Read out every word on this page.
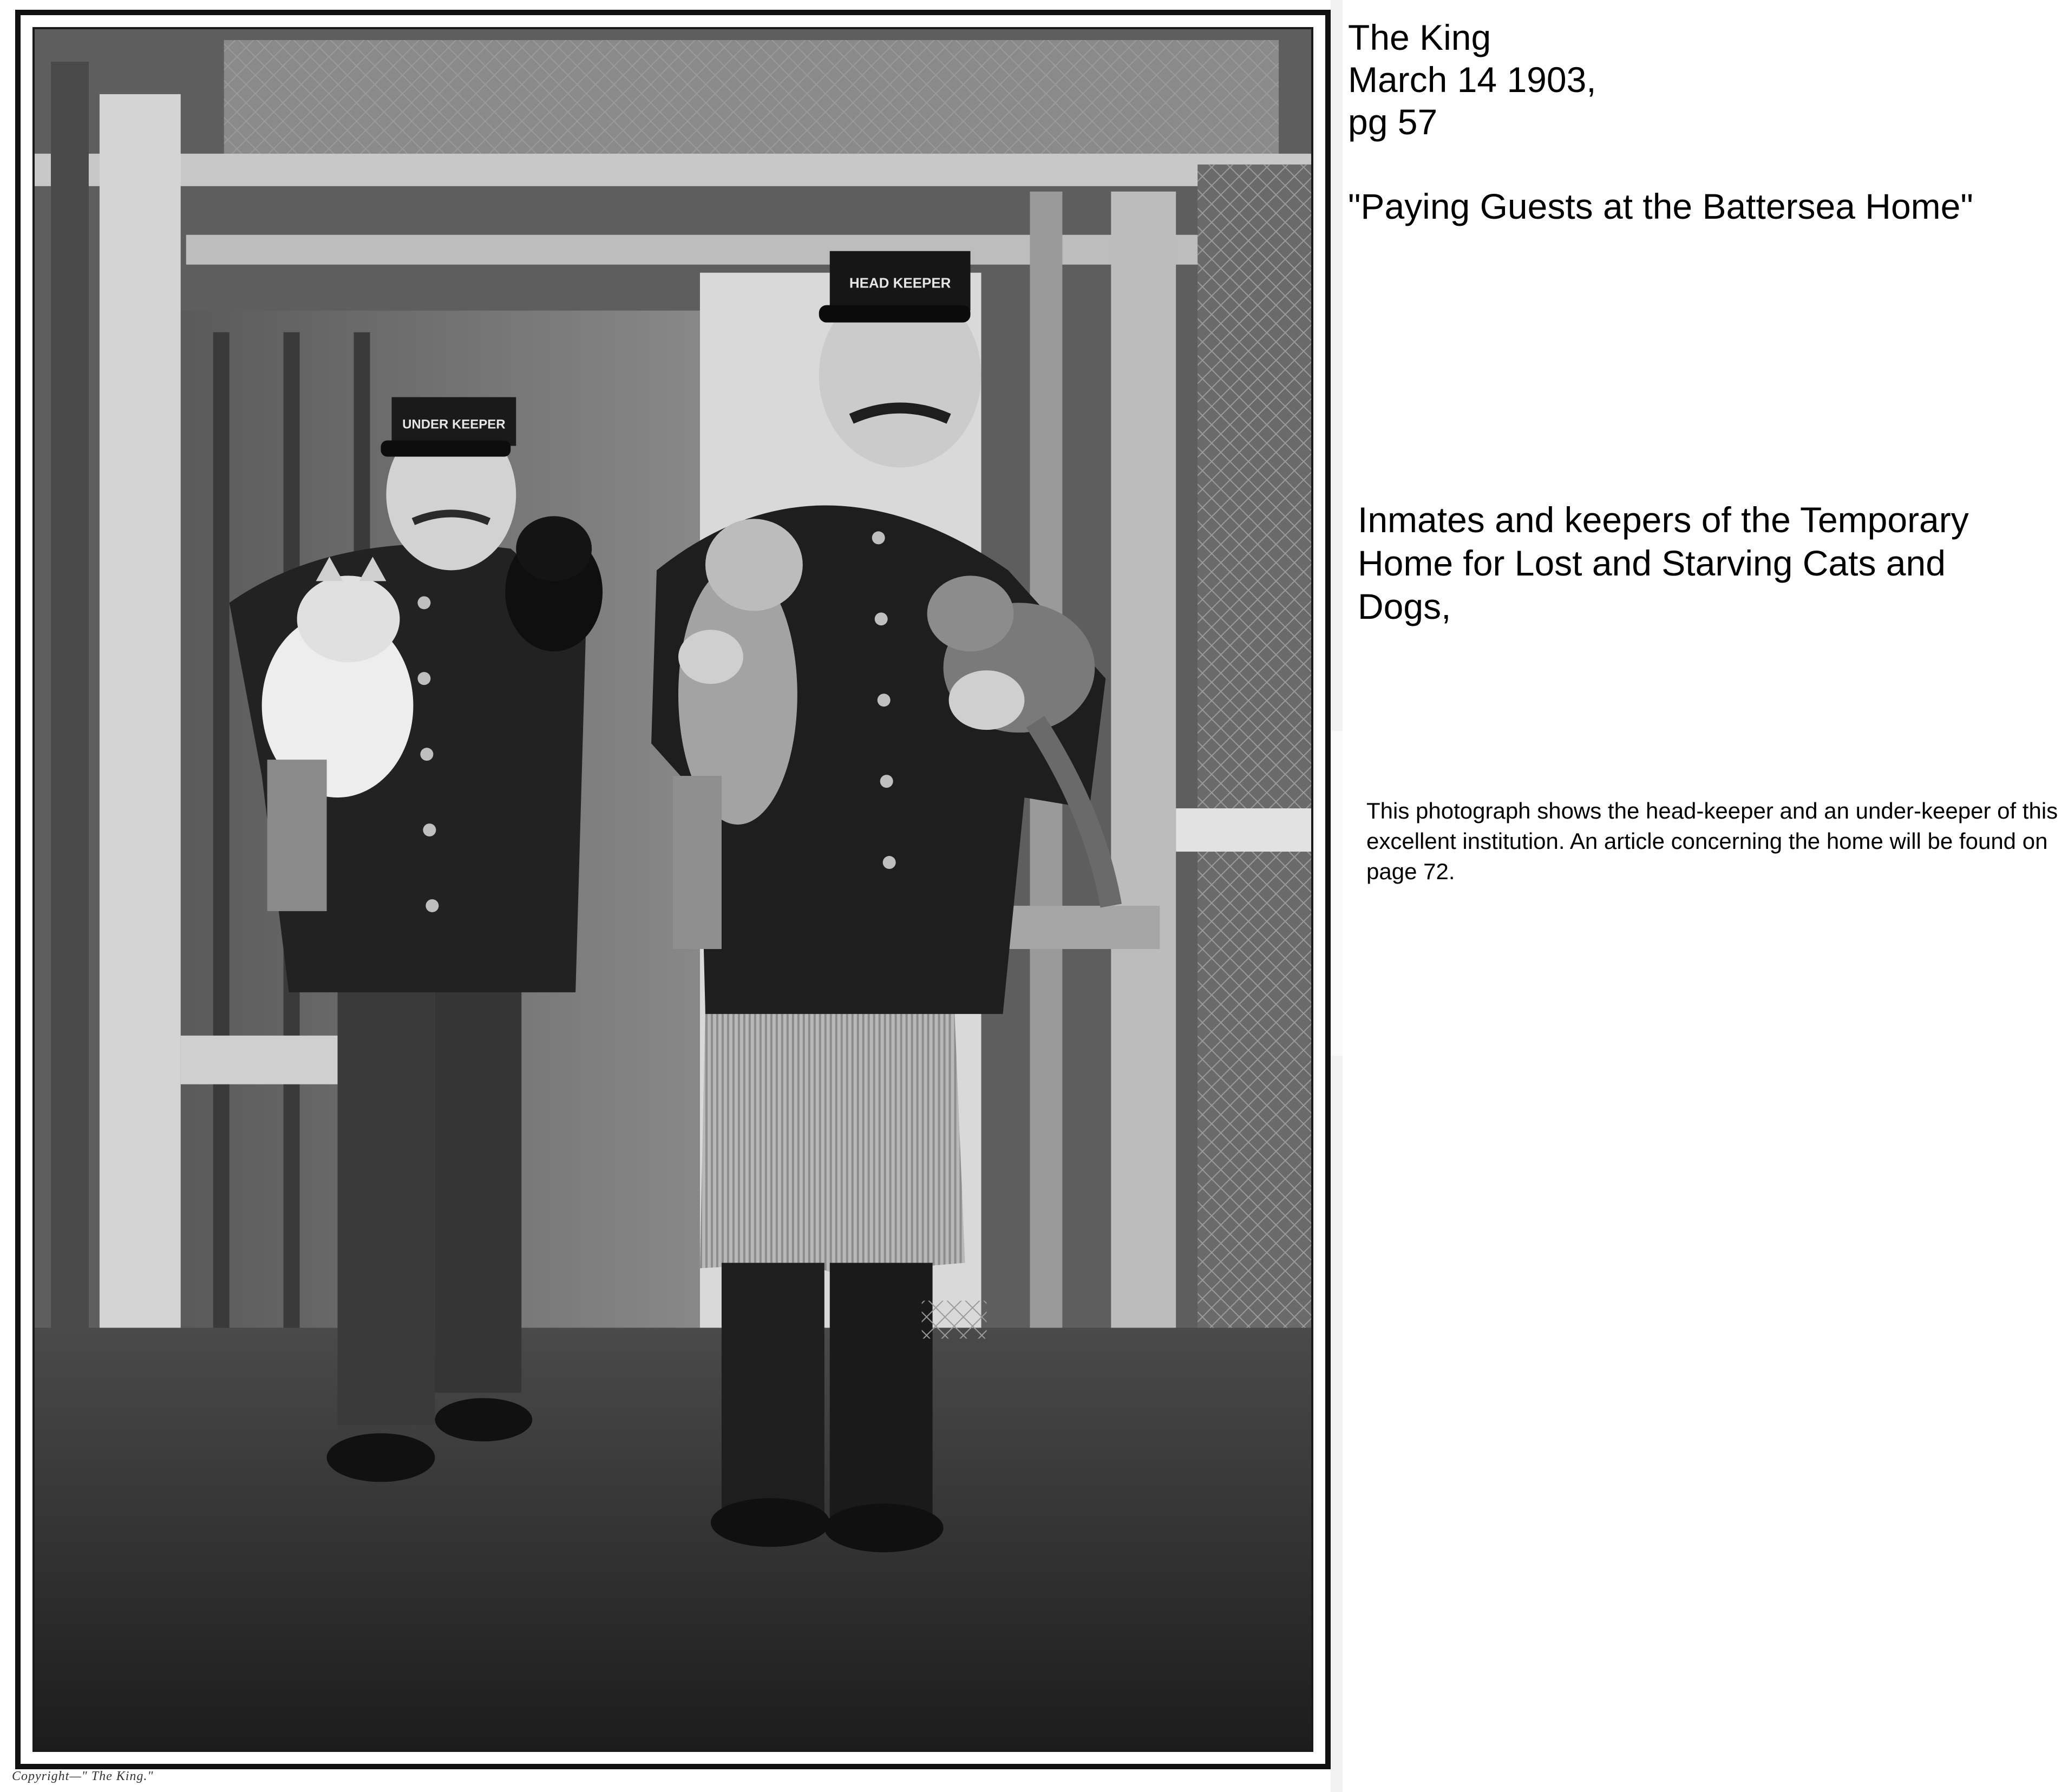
UNDER KEEPER
HEAD KEEPER
Copyright—" The King."
The King
March 14 1903,
pg 57
"Paying Guests at the Battersea Home"
Inmates and keepers of the Temporary Home for Lost and Starving Cats and Dogs,
This photograph shows the head-keeper and an under-keeper of this excellent institution. An article concerning the home will be found on page 72.
